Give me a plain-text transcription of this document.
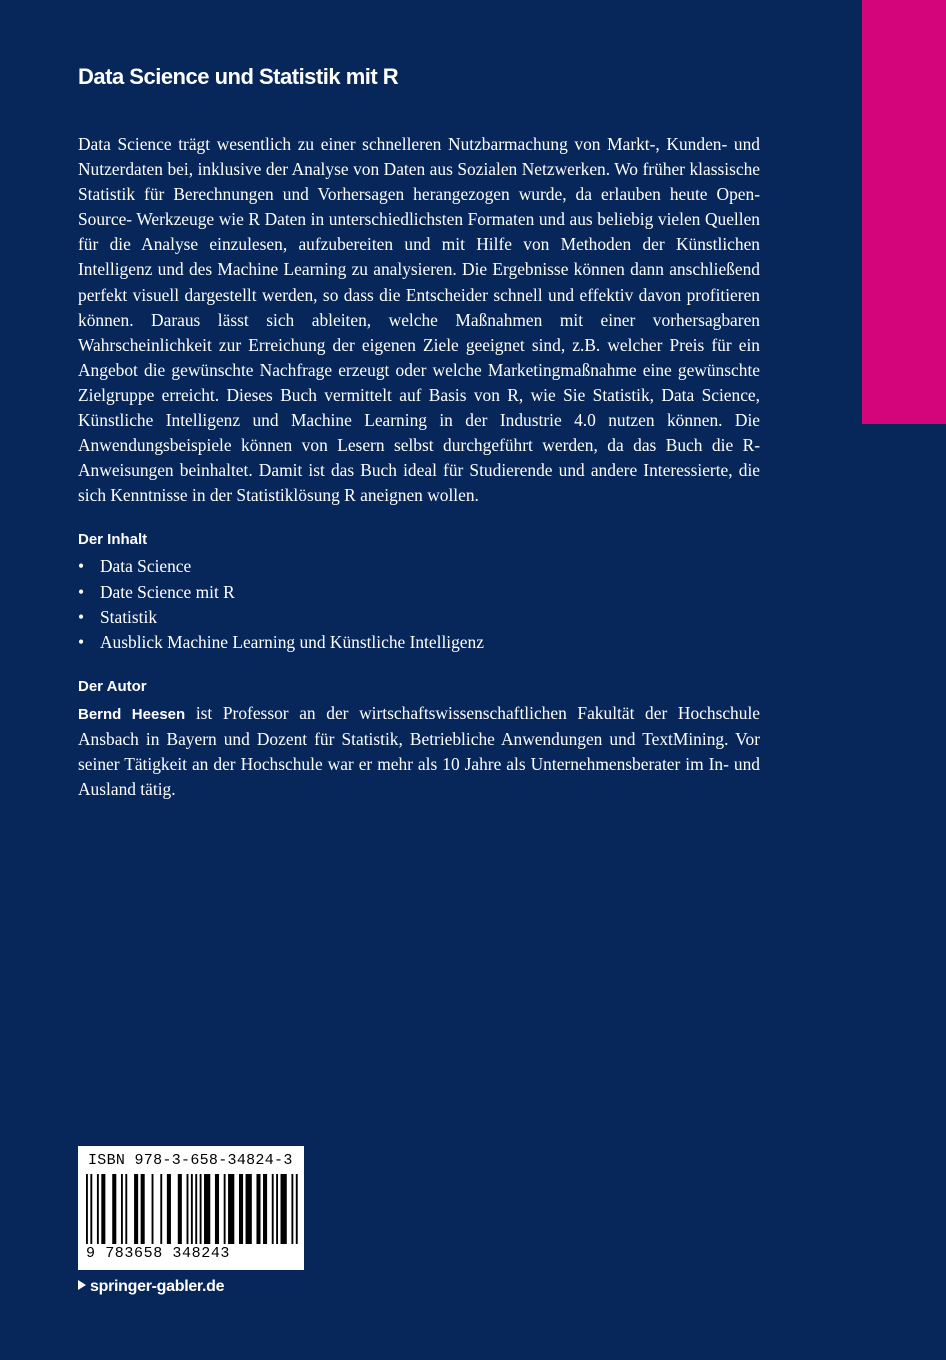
Data Science und Statistik mit R

Data Science trägt wesentlich zu einer schnelleren Nutzbarmachung von Markt-, Kunden- und Nutzerdaten bei, inklusive der Analyse von Daten aus Sozialen Netzwerken. Wo früher klassische Statistik für Berechnungen und Vorhersagen herangezogen wurde, da erlauben heute Open-Source- Werkzeuge wie R Daten in unterschiedlichsten Formaten und aus beliebig vielen Quellen für die Analyse einzulesen, aufzubereiten und mit Hilfe von Methoden der Künstlichen Intelligenz und des Machine Learning zu analysieren. Die Ergebnisse können dann anschließend perfekt visuell dargestellt werden, so dass die Entscheider schnell und effektiv davon profitieren können. Daraus lässt sich ableiten, welche Maßnahmen mit einer vorhersagbaren Wahrscheinlichkeit zur Erreichung der eigenen Ziele geeignet sind, z.B. welcher Preis für ein Angebot die gewünschte Nachfrage erzeugt oder welche Marketingmaßnahme eine gewünschte Zielgruppe erreicht. Dieses Buch vermittelt auf Basis von R, wie Sie Statistik, Data Science, Künstliche Intelligenz und Machine Learning in der Industrie 4.0 nutzen können. Die Anwendungsbeispiele können von Lesern selbst durchgeführt werden, da das Buch die R-Anweisungen beinhaltet. Damit ist das Buch ideal für Studierende und andere Interessierte, die sich Kenntnisse in der Statistiklösung R aneignen wollen.

Der Inhalt
• Data Science
• Date Science mit R
• Statistik
• Ausblick Machine Learning und Künstliche Intelligenz
Der Autor

Bernd Heesen ist Professor an der wirtschaftswissenschaftlichen Fakultät der Hochschule Ansbach in Bayern und Dozent für Statistik, Betriebliche Anwendungen und TextMining. Vor seiner Tätigkeit an der Hochschule war er mehr als 10 Jahre als Unternehmensberater im In- und Ausland tätig.

ISBN 978-3-658-34824-3
9 783658 348243
springer-gabler.de
